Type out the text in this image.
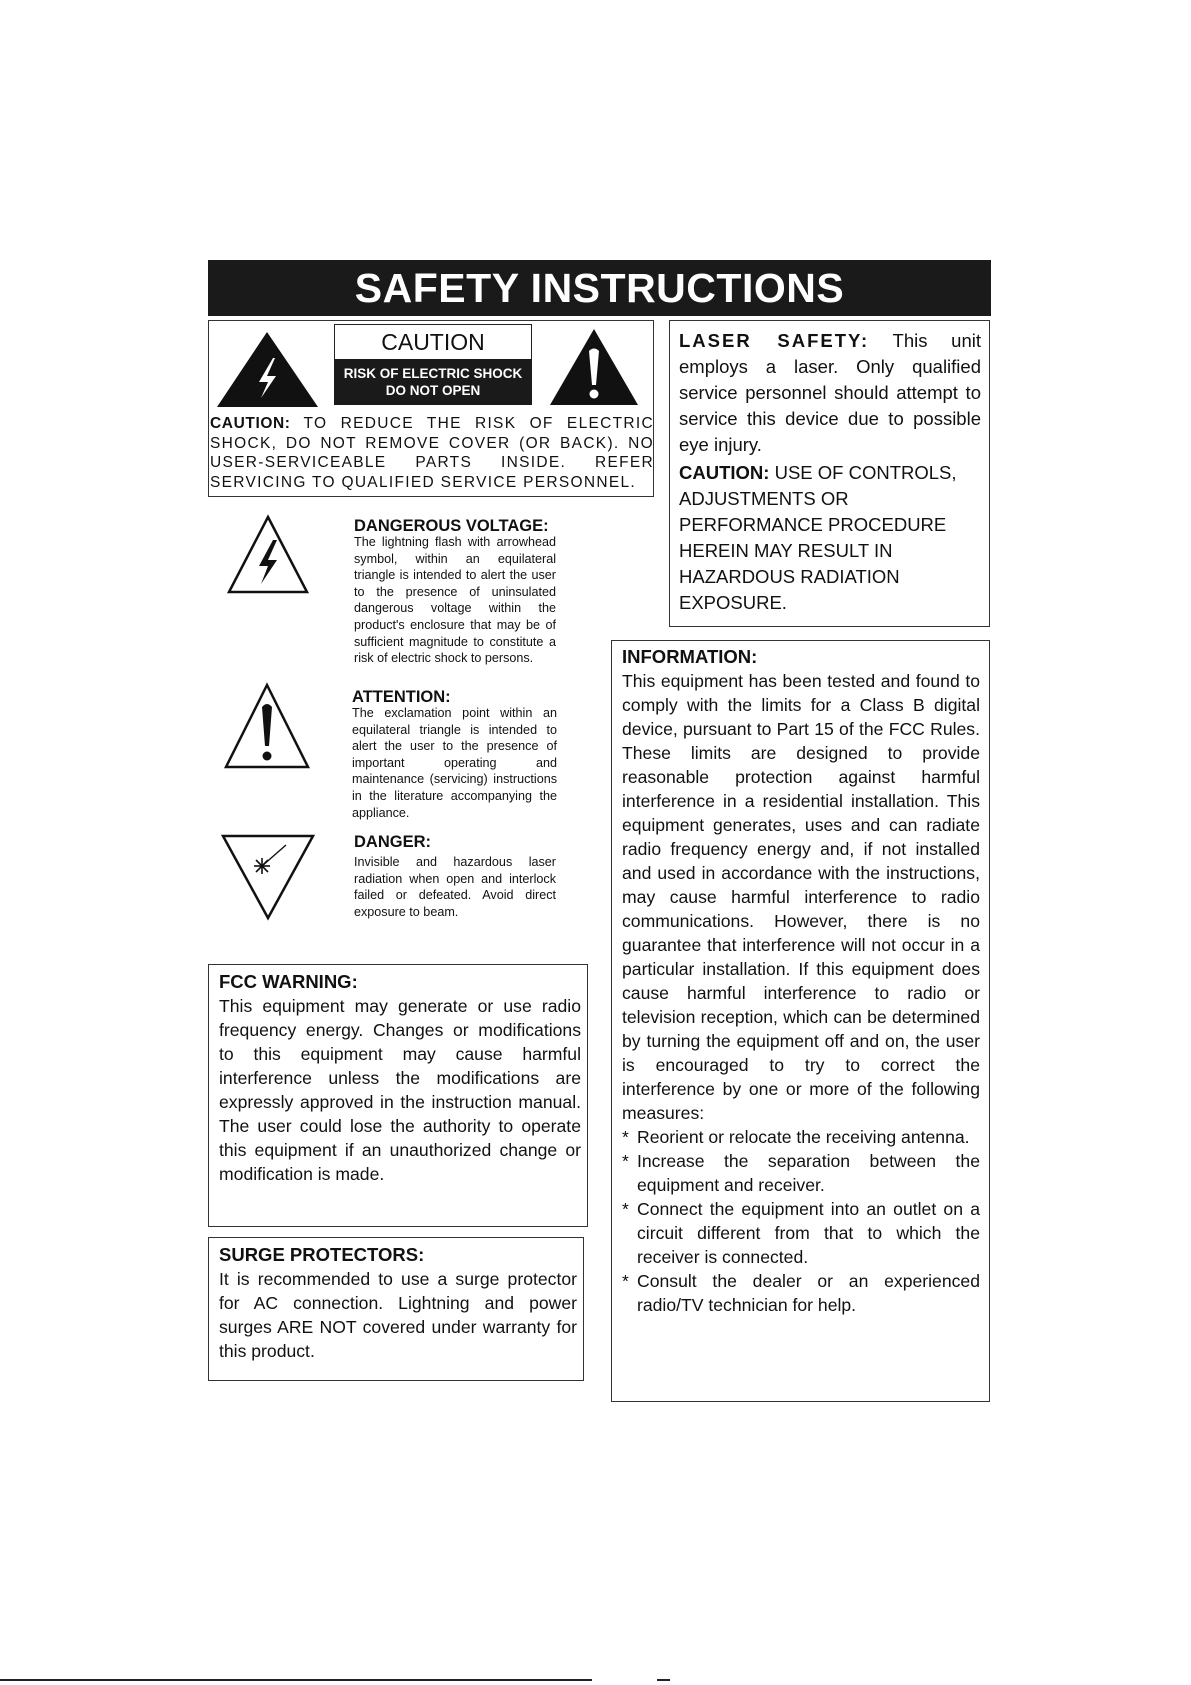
SAFETY INSTRUCTIONS
CAUTION
RISK OF ELECTRIC SHOCK
DO NOT OPEN
CAUTION: TO REDUCE THE RISK OF ELECTRIC SHOCK, DO NOT REMOVE COVER (OR BACK). NO USER-SERVICEABLE PARTS INSIDE. REFER SERVICING TO QUALIFIED SERVICE PERSONNEL.
LASER SAFETY: This unit employs a laser. Only qualified service personnel should attempt to service this device due to possible eye injury.
CAUTION: USE OF CONTROLS, ADJUSTMENTS OR PERFORMANCE PROCEDURE HEREIN MAY RESULT IN HAZARDOUS RADIATION EXPOSURE.
DANGEROUS VOLTAGE:
The lightning flash with arrowhead symbol, within an equilateral triangle is intended to alert the user to the presence of uninsulated dangerous voltage within the product's enclosure that may be of sufficient magnitude to constitute a risk of electric shock to persons.
ATTENTION:
The exclamation point within an equilateral triangle is intended to alert the user to the presence of important operating and maintenance (servicing) instructions in the literature accompanying the appliance.
DANGER:
Invisible and hazardous laser radiation when open and interlock failed or defeated. Avoid direct exposure to beam.
INFORMATION:
This equipment has been tested and found to comply with the limits for a Class B digital device, pursuant to Part 15 of the FCC Rules. These limits are designed to provide reasonable protection against harmful interference in a residential installation. This equipment generates, uses and can radiate radio frequency energy and, if not installed and used in accordance with the instructions, may cause harmful interference to radio communications. However, there is no guarantee that interference will not occur in a particular installation. If this equipment does cause harmful interference to radio or television reception, which can be determined by turning the equipment off and on, the user is encouraged to try to correct the interference by one or more of the following measures:
* Reorient or relocate the receiving antenna.
* Increase the separation between the equipment and receiver.
* Connect the equipment into an outlet on a circuit different from that to which the receiver is connected.
* Consult the dealer or an experienced radio/TV technician for help.
FCC WARNING:
This equipment may generate or use radio frequency energy. Changes or modifications to this equipment may cause harmful interference unless the modifications are expressly approved in the instruction manual. The user could lose the authority to operate this equipment if an unauthorized change or modification is made.
SURGE PROTECTORS:
It is recommended to use a surge protector for AC connection. Lightning and power surges ARE NOT covered under warranty for this product.
